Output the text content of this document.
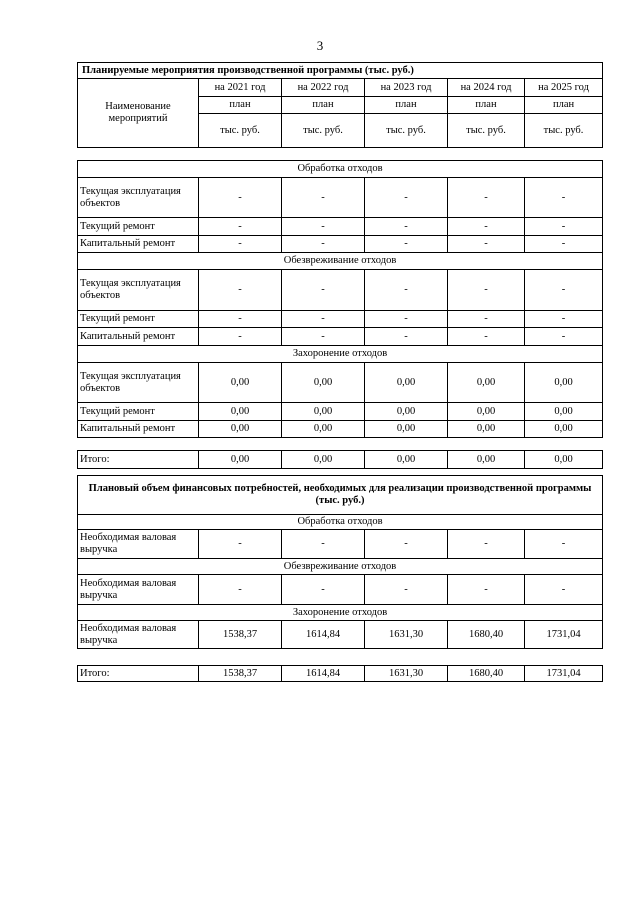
3
Планируемые мероприятия производственной программы (тыс. руб.)					
Наименование мероприятий	на 2021 год	на 2022 год	на 2023 год	на 2024 год	на 2025 год
	план	план	план	план	план
	тыс. руб.	тыс. руб.	тыс. руб.	тыс. руб.	тыс. руб.

Обработка отходов					
Текущая эксплуатация объектов	-	-	-	-	-
Текущий ремонт	-	-	-	-	-
Капитальный ремонт	-	-	-	-	-
Обезвреживание отходов					
Текущая эксплуатация объектов	-	-	-	-	-
Текущий ремонт	-	-	-	-	-
Капитальный ремонт	-	-	-	-	-
Захоронение отходов					
Текущая эксплуатация объектов	0,00	0,00	0,00	0,00	0,00
Текущий ремонт	0,00	0,00	0,00	0,00	0,00
Капитальный ремонт	0,00	0,00	0,00	0,00	0,00

Итого:	0,00	0,00	0,00	0,00	0,00
Плановый объем финансовых потребностей, необходимых для реализации производственной программы (тыс. руб.)					
Обработка отходов					
Необходимая валовая выручка	-	-	-	-	-
Обезвреживание отходов					
Необходимая валовая выручка	-	-	-	-	-
Захоронение отходов					
Необходимая валовая выручка	1538,37	1614,84	1631,30	1680,40	1731,04

Итого:	1538,37	1614,84	1631,30	1680,40	1731,04
